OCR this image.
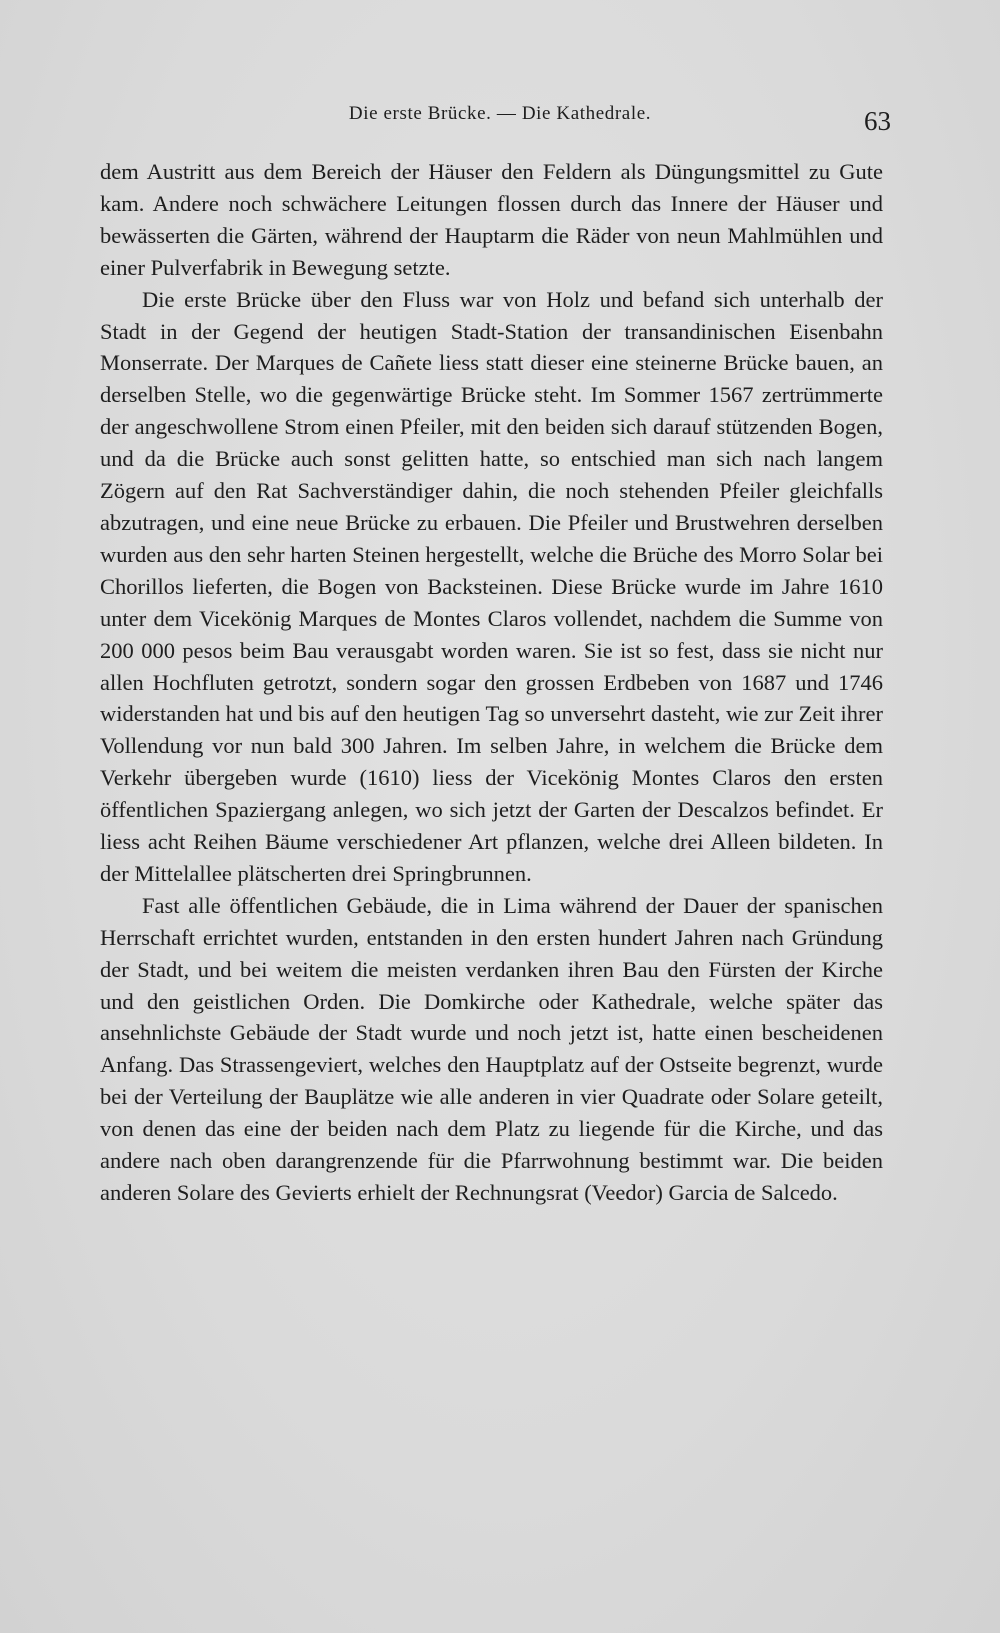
Die erste Brücke. — Die Kathedrale.	63

dem Austritt aus dem Bereich der Häuser den Feldern als Düngungsmittel zu Gute kam. Andere noch schwächere Leitungen flossen durch das Innere der Häuser und bewässerten die Gärten, während der Hauptarm die Räder von neun Mahlmühlen und einer Pulverfabrik in Bewegung setzte.

Die erste Brücke über den Fluss war von Holz und befand sich unterhalb der Stadt in der Gegend der heutigen Stadt-Station der transandinischen Eisenbahn Monserrate. Der Marques de Cañete liess statt dieser eine steinerne Brücke bauen, an derselben Stelle, wo die gegenwärtige Brücke steht. Im Sommer 1567 zertrümmerte der angeschwollene Strom einen Pfeiler, mit den beiden sich darauf stützenden Bogen, und da die Brücke auch sonst gelitten hatte, so entschied man sich nach langem Zögern auf den Rat Sachverständiger dahin, die noch stehenden Pfeiler gleichfalls abzutragen, und eine neue Brücke zu erbauen. Die Pfeiler und Brustwehren derselben wurden aus den sehr harten Steinen hergestellt, welche die Brüche des Morro Solar bei Chorillos lieferten, die Bogen von Backsteinen. Diese Brücke wurde im Jahre 1610 unter dem Vicekönig Marques de Montes Claros vollendet, nachdem die Summe von 200 000 pesos beim Bau verausgabt worden waren. Sie ist so fest, dass sie nicht nur allen Hochfluten getrotzt, sondern sogar den grossen Erdbeben von 1687 und 1746 widerstanden hat und bis auf den heutigen Tag so unversehrt dasteht, wie zur Zeit ihrer Vollendung vor nun bald 300 Jahren. Im selben Jahre, in welchem die Brücke dem Verkehr übergeben wurde (1610) liess der Vicekönig Montes Claros den ersten öffentlichen Spaziergang anlegen, wo sich jetzt der Garten der Descalzos befindet. Er liess acht Reihen Bäume verschiedener Art pflanzen, welche drei Alleen bildeten. In der Mittelallee plätscherten drei Springbrunnen.

Fast alle öffentlichen Gebäude, die in Lima während der Dauer der spanischen Herrschaft errichtet wurden, entstanden in den ersten hundert Jahren nach Gründung der Stadt, und bei weitem die meisten verdanken ihren Bau den Fürsten der Kirche und den geistlichen Orden. Die Domkirche oder Kathedrale, welche später das ansehnlichste Gebäude der Stadt wurde und noch jetzt ist, hatte einen bescheidenen Anfang. Das Strassengeviert, welches den Hauptplatz auf der Ostseite begrenzt, wurde bei der Verteilung der Bauplätze wie alle anderen in vier Quadrate oder Solare geteilt, von denen das eine der beiden nach dem Platz zu liegende für die Kirche, und das andere nach oben darangrenzende für die Pfarrwohnung bestimmt war. Die beiden anderen Solare des Gevierts erhielt der Rechnungsrat (Veedor) Garcia de Salcedo.
